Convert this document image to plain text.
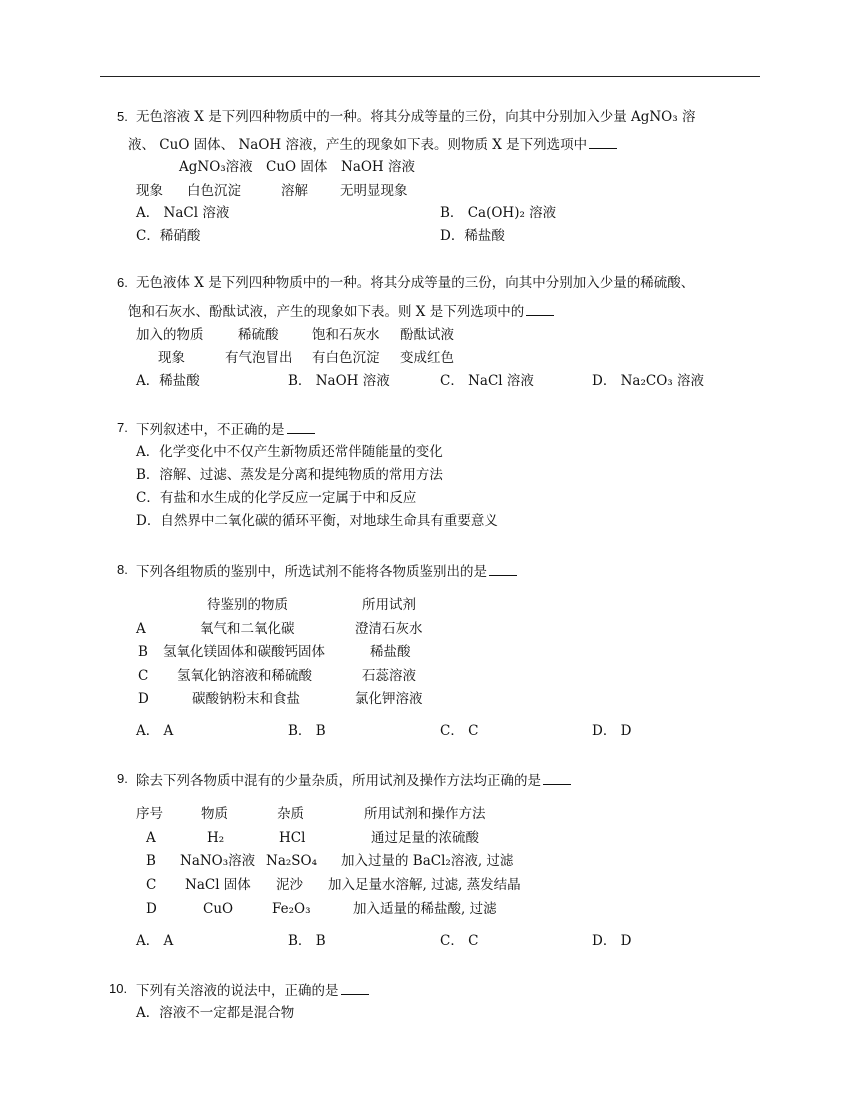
5. 无色溶液 X 是下列四种物质中的一种。将其分成等量的三份，向其中分别加入少量 AgNO₃ 溶
液、 CuO 固体、 NaOH 溶液，产生的现象如下表。则物质 X 是下列选项中
AgNO₃溶液 CuO 固体 NaOH 溶液
现象 白色沉淀	溶解 无明显现象
A． NaCl 溶液	B． Ca(OH)₂ 溶液
C．稀硝酸	D．稀盐酸
6. 无色液体 X 是下列四种物质中的一种。将其分成等量的三份，向其中分别加入少量的稀硫酸、
饱和石灰水、酚酞试液，产生的现象如下表。则 X 是下列选项中的
加入的物质	稀硫酸 饱和石灰水 酚酞试液
现象	有气泡冒出 有白色沉淀 变成红色
A．稀盐酸	B． NaOH 溶液	C． NaCl 溶液	D． Na₂CO₃ 溶液
7. 下列叙述中，不正确的是
A．化学变化中不仅产生新物质还常伴随能量的变化
B．溶解、过滤、蒸发是分离和提纯物质的常用方法
C．有盐和水生成的化学反应一定属于中和反应
D．自然界中二氧化碳的循环平衡，对地球生命具有重要意义
8. 下列各组物质的鉴别中，所选试剂不能将各物质鉴别出的是
待鉴别的物质	所用试剂
A	氧气和二氧化碳	澄清石灰水
B 氢氧化镁固体和碳酸钙固体	稀盐酸
C 氢氧化钠溶液和稀硫酸	石蕊溶液
D	碳酸钠粉末和食盐	氯化钾溶液
A． A	B． B	C． C	D． D
9. 除去下列各物质中混有的少量杂质，所用试剂及操作方法均正确的是
序号	物质	杂质	所用试剂和操作方法
A	H₂	HCl	通过足量的浓硫酸
B NaNO₃溶液 Na₂SO₄ 加入过量的 BaCl₂溶液, 过滤
C NaCl 固体 泥沙 加入足量水溶解, 过滤, 蒸发结晶
D	CuO	Fe₂O₃	加入适量的稀盐酸, 过滤
A． A	B． B	C． C	D． D
10. 下列有关溶液的说法中，正确的是
A．溶液不一定都是混合物
